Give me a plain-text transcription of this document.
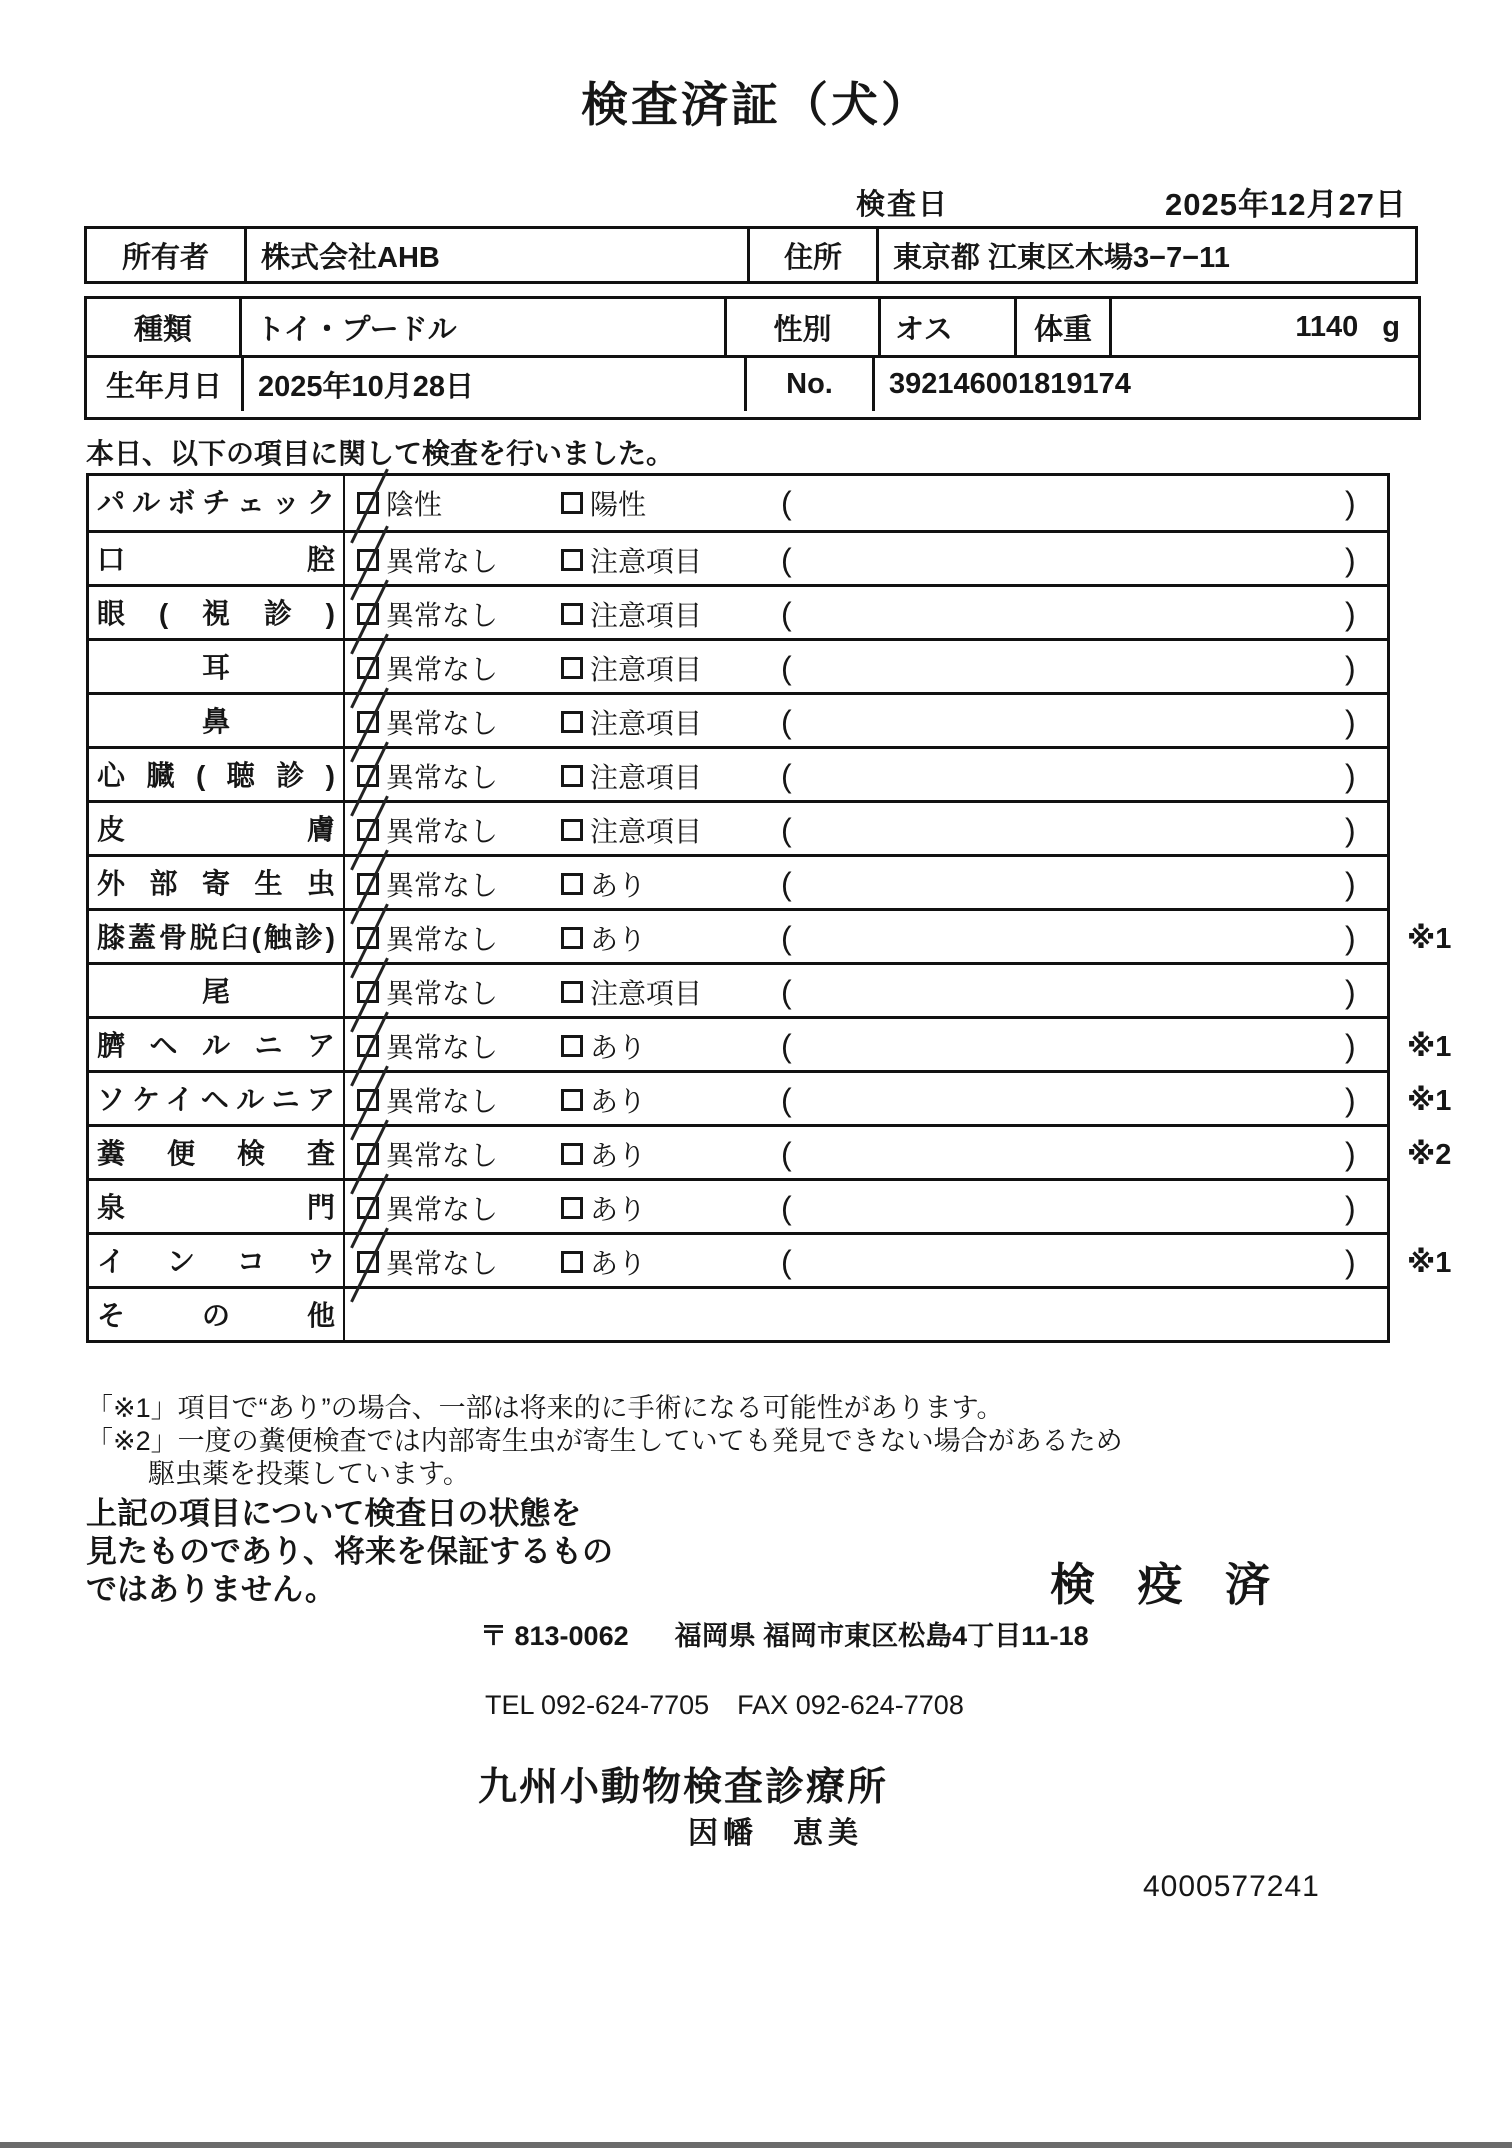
検査済証（犬）
検査日	2025年12月27日
所有者	株式会社AHB	住所	東京都 江東区木場3−7−11
種類	トイ・プードル	性別	オス	体重	1140 g
生年月日	2025年10月28日	No.	392146001819174
本日、以下の項目に関して検査を行いました。
パルボチェック	陰性	陽性	(	)
口腔	異常なし	注意項目 (	)
眼(視診)	異常なし	注意項目 (	)
耳	異常なし	注意項目 (	)
鼻	異常なし	注意項目 (	)
心臓(聴診)	異常なし	注意項目 (	)
皮膚	異常なし	注意項目 (	)
外部寄生虫	異常なし	あり	(	)
膝蓋骨脱臼(触診)	異常なし	あり	(	) ※1
尾	異常なし	注意項目 (	)
臍ヘルニア	異常なし	あり	(	) ※1
ソケイヘルニア	異常なし	あり	(	) ※1
糞便検査	異常なし	あり	(	) ※2
泉門	異常なし	あり	(	)
インコウ	異常なし	あり	(	) ※1
その他
「※1」項目で“あり”の場合、一部は将来的に手術になる可能性があります。
「※2」一度の糞便検査では内部寄生虫が寄生していても発見できない場合があるため
駆虫薬を投薬しています。
上記の項目について検査日の状態を
見たものであり、将来を保証するもの
ではありません。	検 疫 済
〒 813-0062 福岡県 福岡市東区松島4丁目11-18
TEL 092-624-7705 FAX 092-624-7708
九州小動物検査診療所
因幡　恵美
4000577241
